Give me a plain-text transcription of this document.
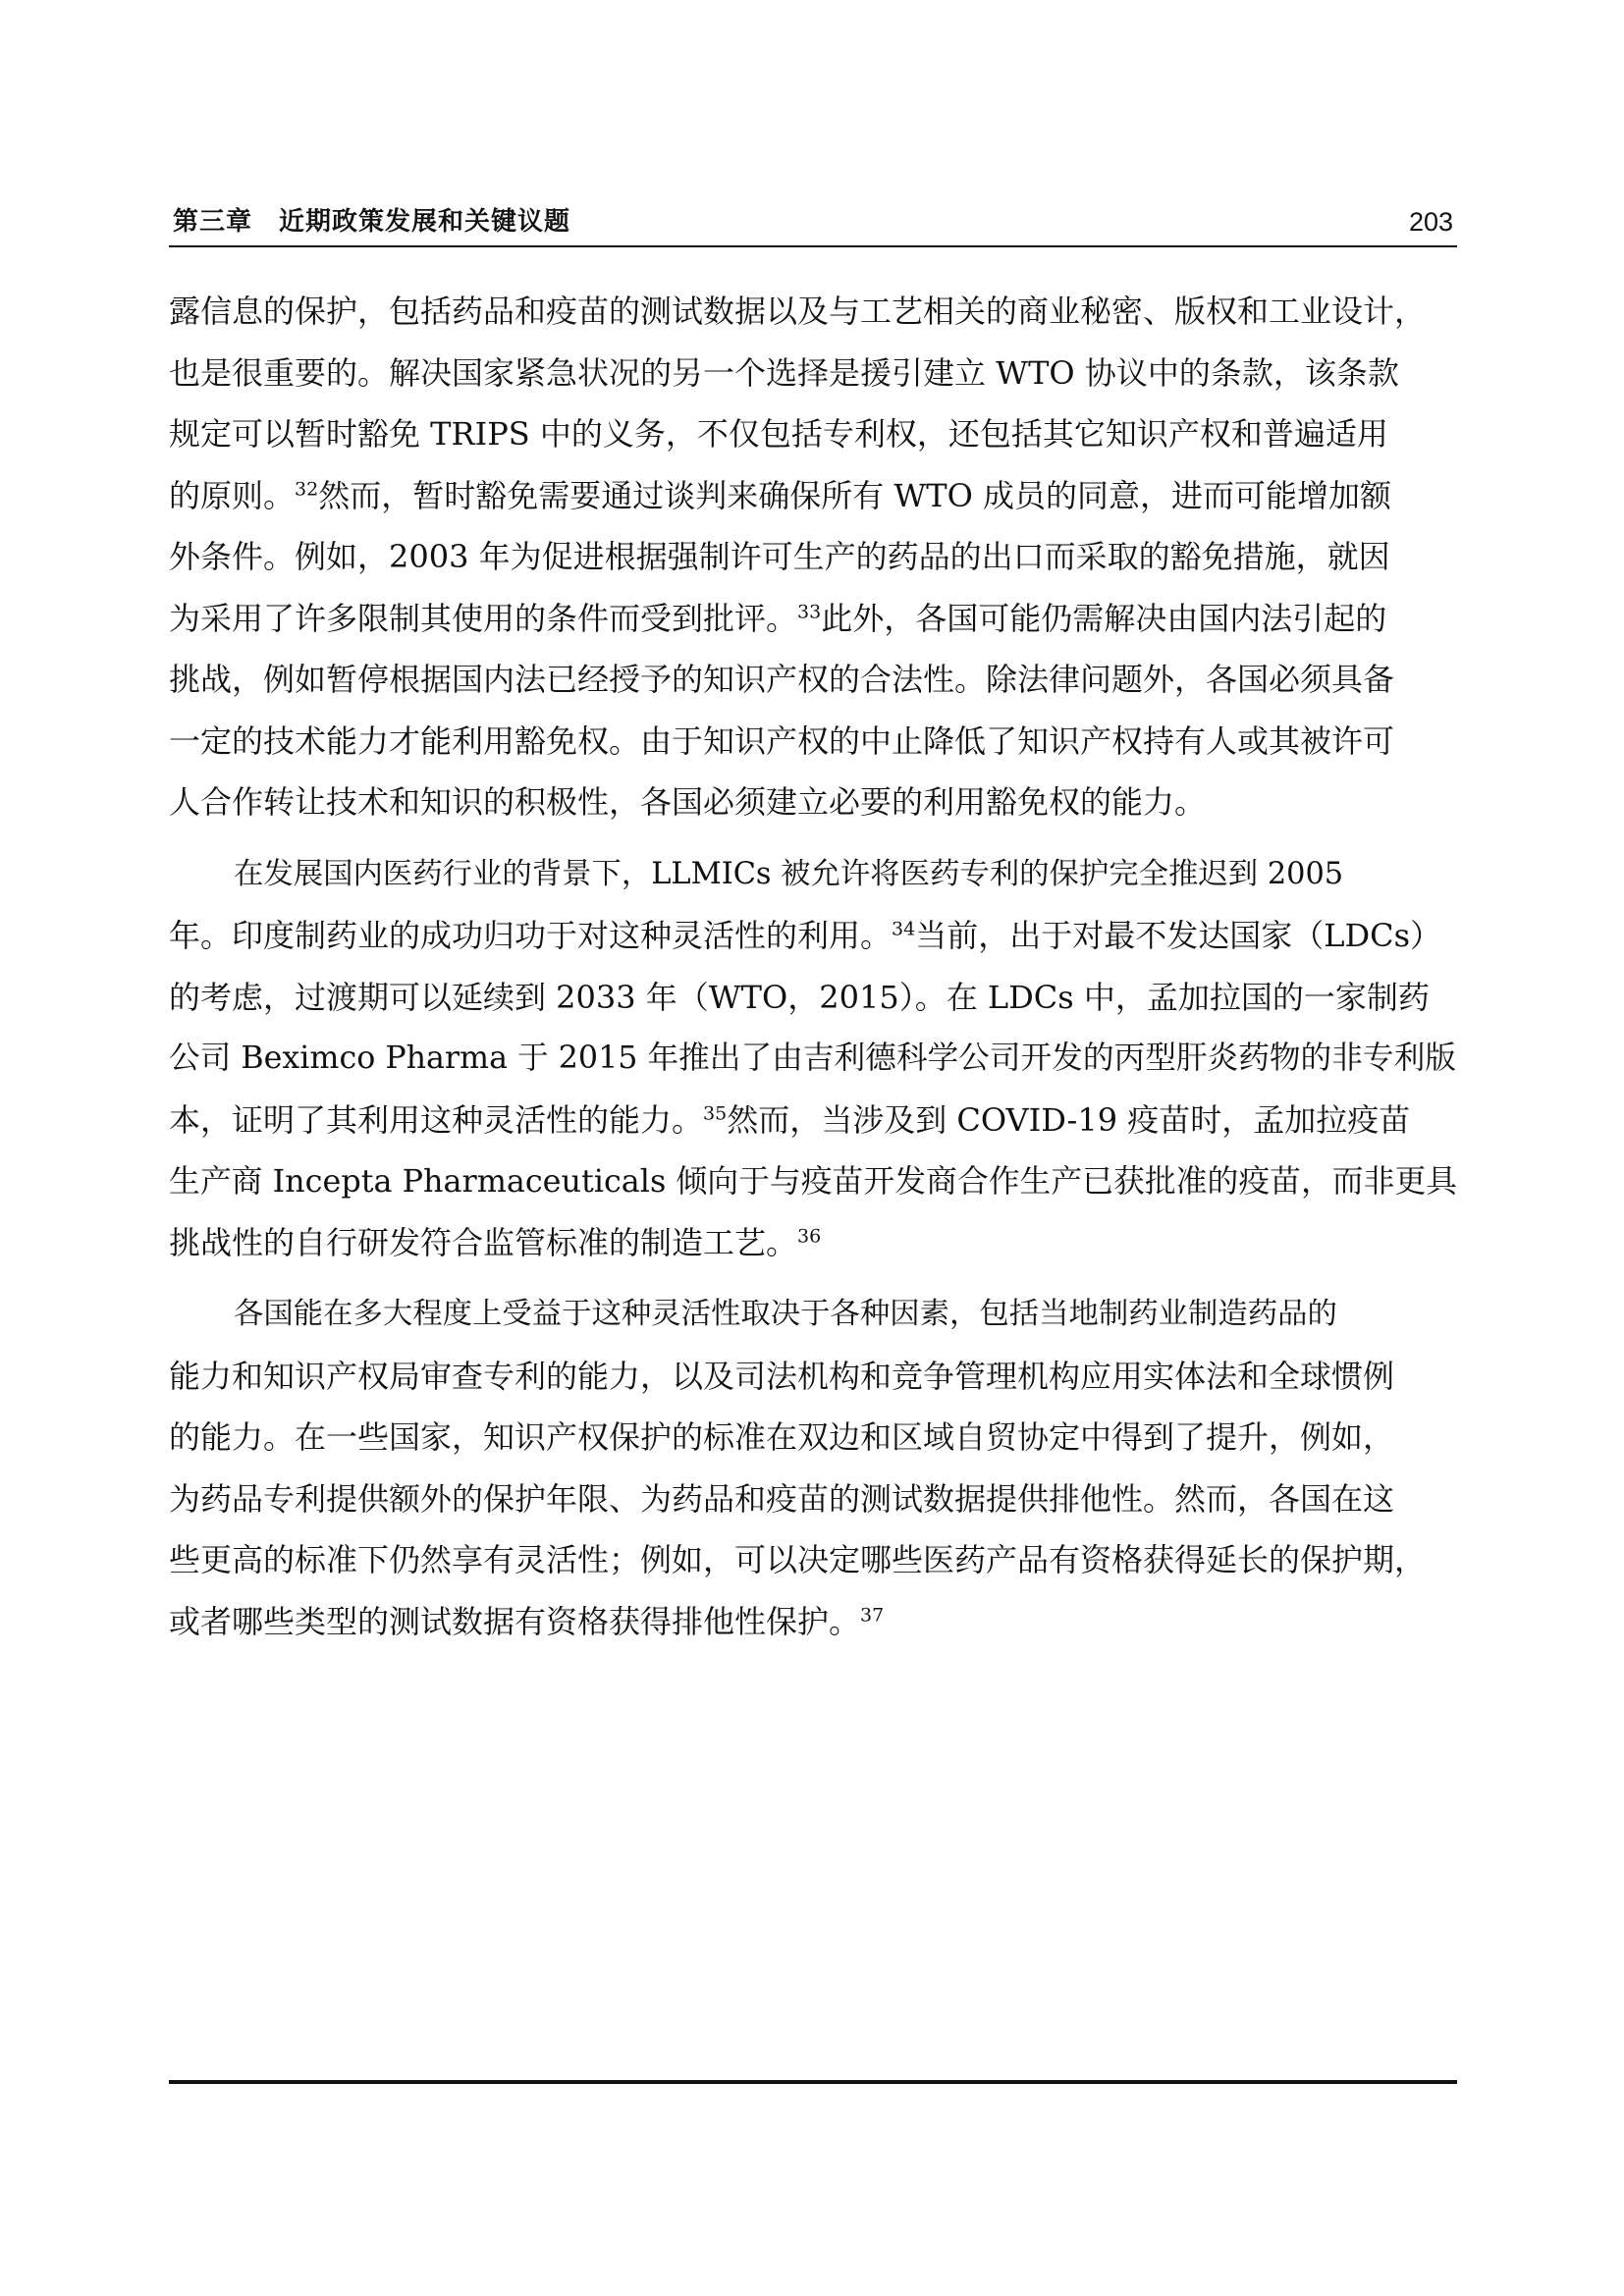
第三章　近期政策发展和关键议题	203
露信息的保护，包括药品和疫苗的测试数据以及与工艺相关的商业秘密、版权和工业设计，
也是很重要的。解决国家紧急状况的另一个选择是援引建立 WTO 协议中的条款，该条款
规定可以暂时豁免 TRIPS 中的义务，不仅包括专利权，还包括其它知识产权和普遍适用
的原则。$^{32}$然而，暂时豁免需要通过谈判来确保所有 WTO 成员的同意，进而可能增加额
外条件。例如，2003 年为促进根据强制许可生产的药品的出口而采取的豁免措施，就因
为采用了许多限制其使用的条件而受到批评。$^{33}$此外，各国可能仍需解决由国内法引起的
挑战，例如暂停根据国内法已经授予的知识产权的合法性。除法律问题外，各国必须具备
一定的技术能力才能利用豁免权。由于知识产权的中止降低了知识产权持有人或其被许可
人合作转让技术和知识的积极性，各国必须建立必要的利用豁免权的能力。
在发展国内医药行业的背景下，LLMICs 被允许将医药专利的保护完全推迟到 2005
年。印度制药业的成功归功于对这种灵活性的利用。$^{34}$当前，出于对最不发达国家（LDCs）
的考虑，过渡期可以延续到 2033 年（WTO，2015）。在 LDCs 中，孟加拉国的一家制药
公司 Beximco Pharma 于 2015 年推出了由吉利德科学公司开发的丙型肝炎药物的非专利版
本，证明了其利用这种灵活性的能力。$^{35}$然而，当涉及到 COVID-19 疫苗时，孟加拉疫苗
生产商 Incepta Pharmaceuticals 倾向于与疫苗开发商合作生产已获批准的疫苗，而非更具
挑战性的自行研发符合监管标准的制造工艺。$^{36}$
各国能在多大程度上受益于这种灵活性取决于各种因素，包括当地制药业制造药品的
能力和知识产权局审查专利的能力，以及司法机构和竞争管理机构应用实体法和全球惯例
的能力。在一些国家，知识产权保护的标准在双边和区域自贸协定中得到了提升，例如，
为药品专利提供额外的保护年限、为药品和疫苗的测试数据提供排他性。然而，各国在这
些更高的标准下仍然享有灵活性；例如，可以决定哪些医药产品有资格获得延长的保护期，
或者哪些类型的测试数据有资格获得排他性保护。$^{37}$
